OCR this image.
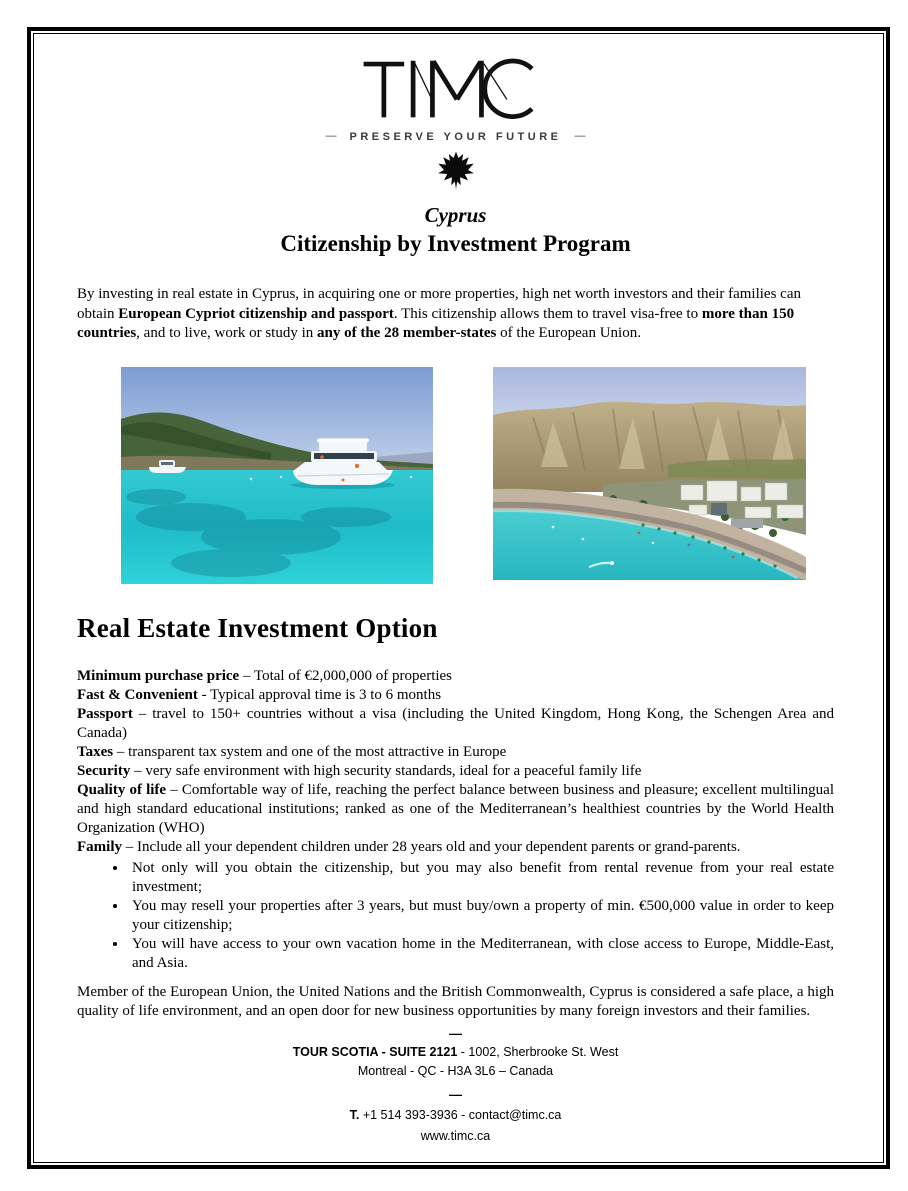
— PRESERVE YOUR FUTURE —
Cyprus
Citizenship by Investment Program

By investing in real estate in Cyprus, in acquiring one or more properties, high net worth investors and their families can obtain European Cypriot citizenship and passport. This citizenship allows them to travel visa-free to more than 150 countries, and to live, work or study in any of the 28 member-states of the European Union.

Real Estate Investment Option
Minimum purchase price – Total of €2,000,000 of properties
Fast & Convenient - Typical approval time is 3 to 6 months
Passport – travel to 150+ countries without a visa (including the United Kingdom, Hong Kong, the Schengen Area and Canada)
Taxes – transparent tax system and one of the most attractive in Europe
Security – very safe environment with high security standards, ideal for a peaceful family life
Quality of life – Comfortable way of life, reaching the perfect balance between business and pleasure; excellent multilingual and high standard educational institutions; ranked as one of the Mediterranean’s healthiest countries by the World Health Organization (WHO)
Family – Include all your dependent children under 28 years old and your dependent parents or grand-parents.
• Not only will you obtain the citizenship, but you may also benefit from rental revenue from your real estate investment;
• You may resell your properties after 3 years, but must buy/own a property of min. €500,000 value in order to keep your citizenship;
• You will have access to your own vacation home in the Mediterranean, with close access to Europe, Middle-East, and Asia.

Member of the European Union, the United Nations and the British Commonwealth, Cyprus is considered a safe place, a high quality of life environment, and an open door for new business opportunities by many foreign investors and their families.

—
TOUR SCOTIA - SUITE 2121 - 1002, Sherbrooke St. West
Montreal - QC - H3A 3L6 – Canada
—
T. +1 514 393-3936 - contact@timc.ca
www.timc.ca
